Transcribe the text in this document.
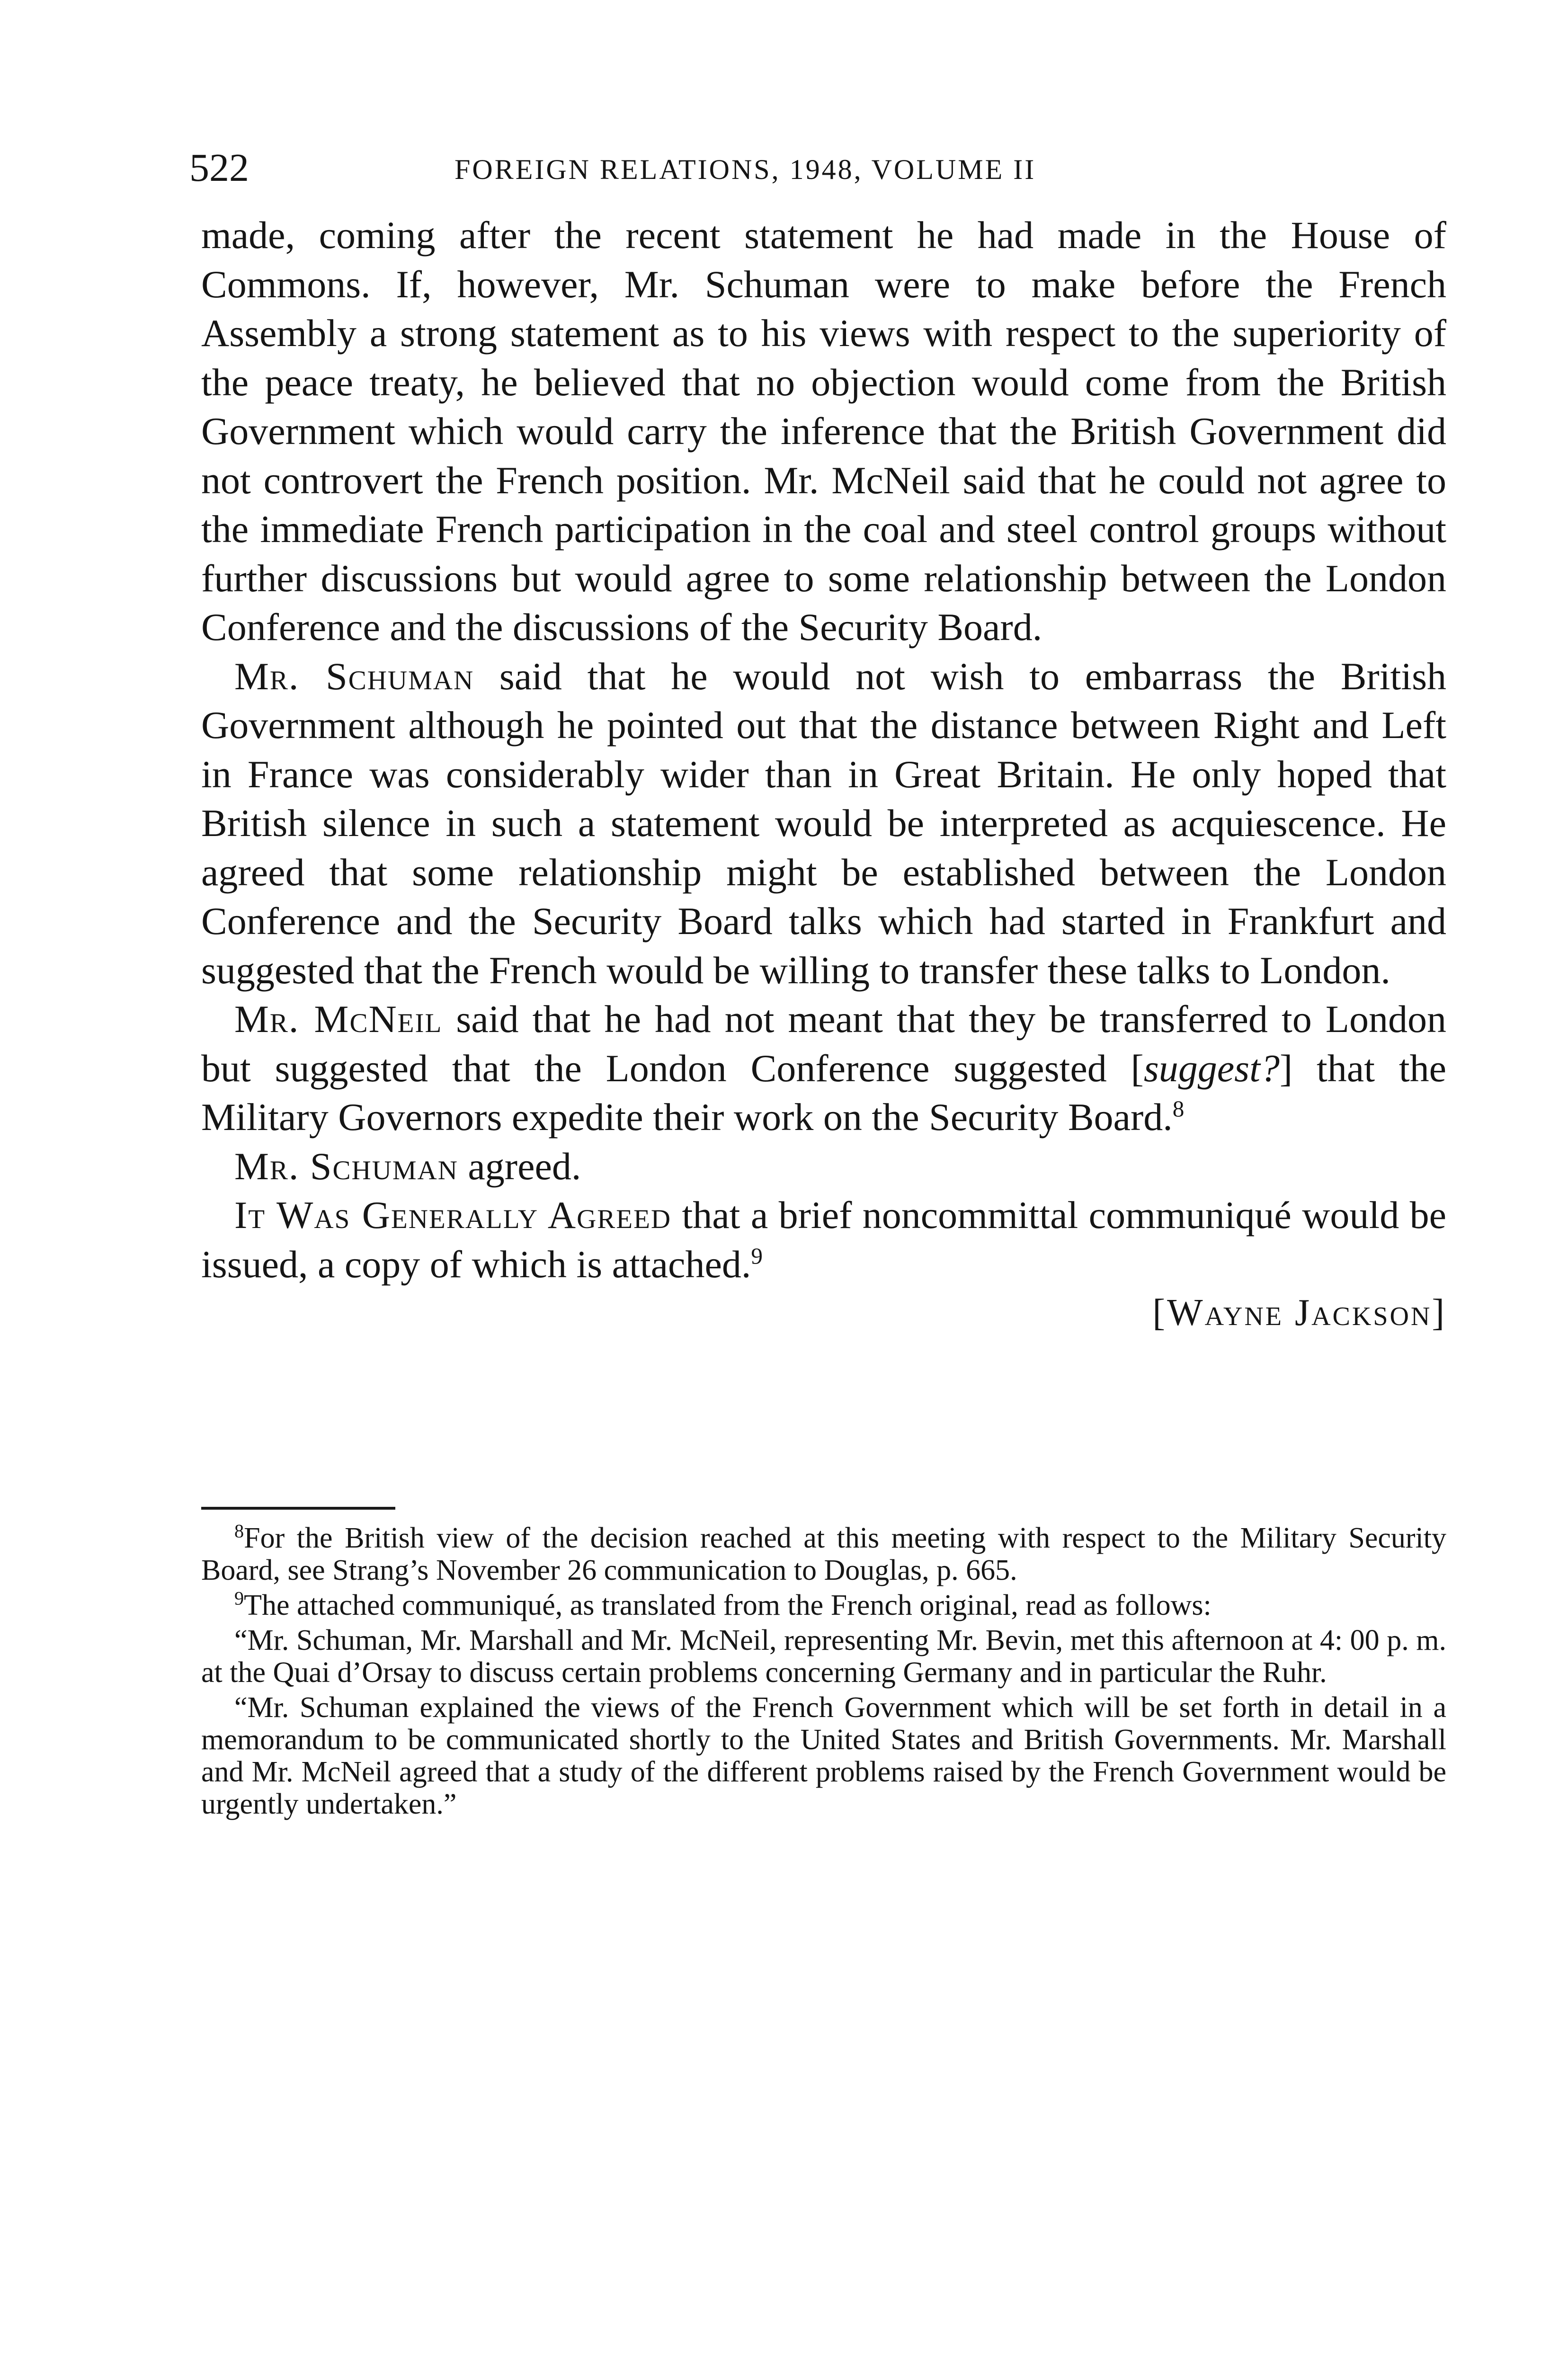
522	FOREIGN RELATIONS, 1948, VOLUME II

made, coming after the recent statement he had made in the House of Commons. If, however, Mr. Schuman were to make before the French Assembly a strong statement as to his views with respect to the superiority of the peace treaty, he believed that no objection would come from the British Government which would carry the inference that the British Government did not controvert the French position. Mr. McNeil said that he could not agree to the immediate French participation in the coal and steel control groups without further discussions but would agree to some relationship between the London Conference and the discussions of the Security Board.

Mr. Schuman said that he would not wish to embarrass the British Government although he pointed out that the distance between Right and Left in France was considerably wider than in Great Britain. He only hoped that British silence in such a statement would be interpreted as acquiescence. He agreed that some relationship might be established between the London Conference and the Security Board talks which had started in Frankfurt and suggested that the French would be willing to transfer these talks to London.

Mr. McNeil said that he had not meant that they be transferred to London but suggested that the London Conference suggested [suggest?] that the Military Governors expedite their work on the Security Board.$^8$

Mr. Schuman agreed.

It Was Generally Agreed that a brief noncommittal communiqué would be issued, a copy of which is attached.$^9$

[Wayne Jackson]

$^8$For the British view of the decision reached at this meeting with respect to the Military Security Board, see Strang’s November 26 communication to Douglas, p. 665.

$^9$The attached communiqué, as translated from the French original, read as follows:

“Mr. Schuman, Mr. Marshall and Mr. McNeil, representing Mr. Bevin, met this afternoon at 4: 00 p. m. at the Quai d’Orsay to discuss certain problems concerning Germany and in particular the Ruhr.

“Mr. Schuman explained the views of the French Government which will be set forth in detail in a memorandum to be communicated shortly to the United States and British Governments. Mr. Marshall and Mr. McNeil agreed that a study of the different problems raised by the French Government would be urgently undertaken.”
